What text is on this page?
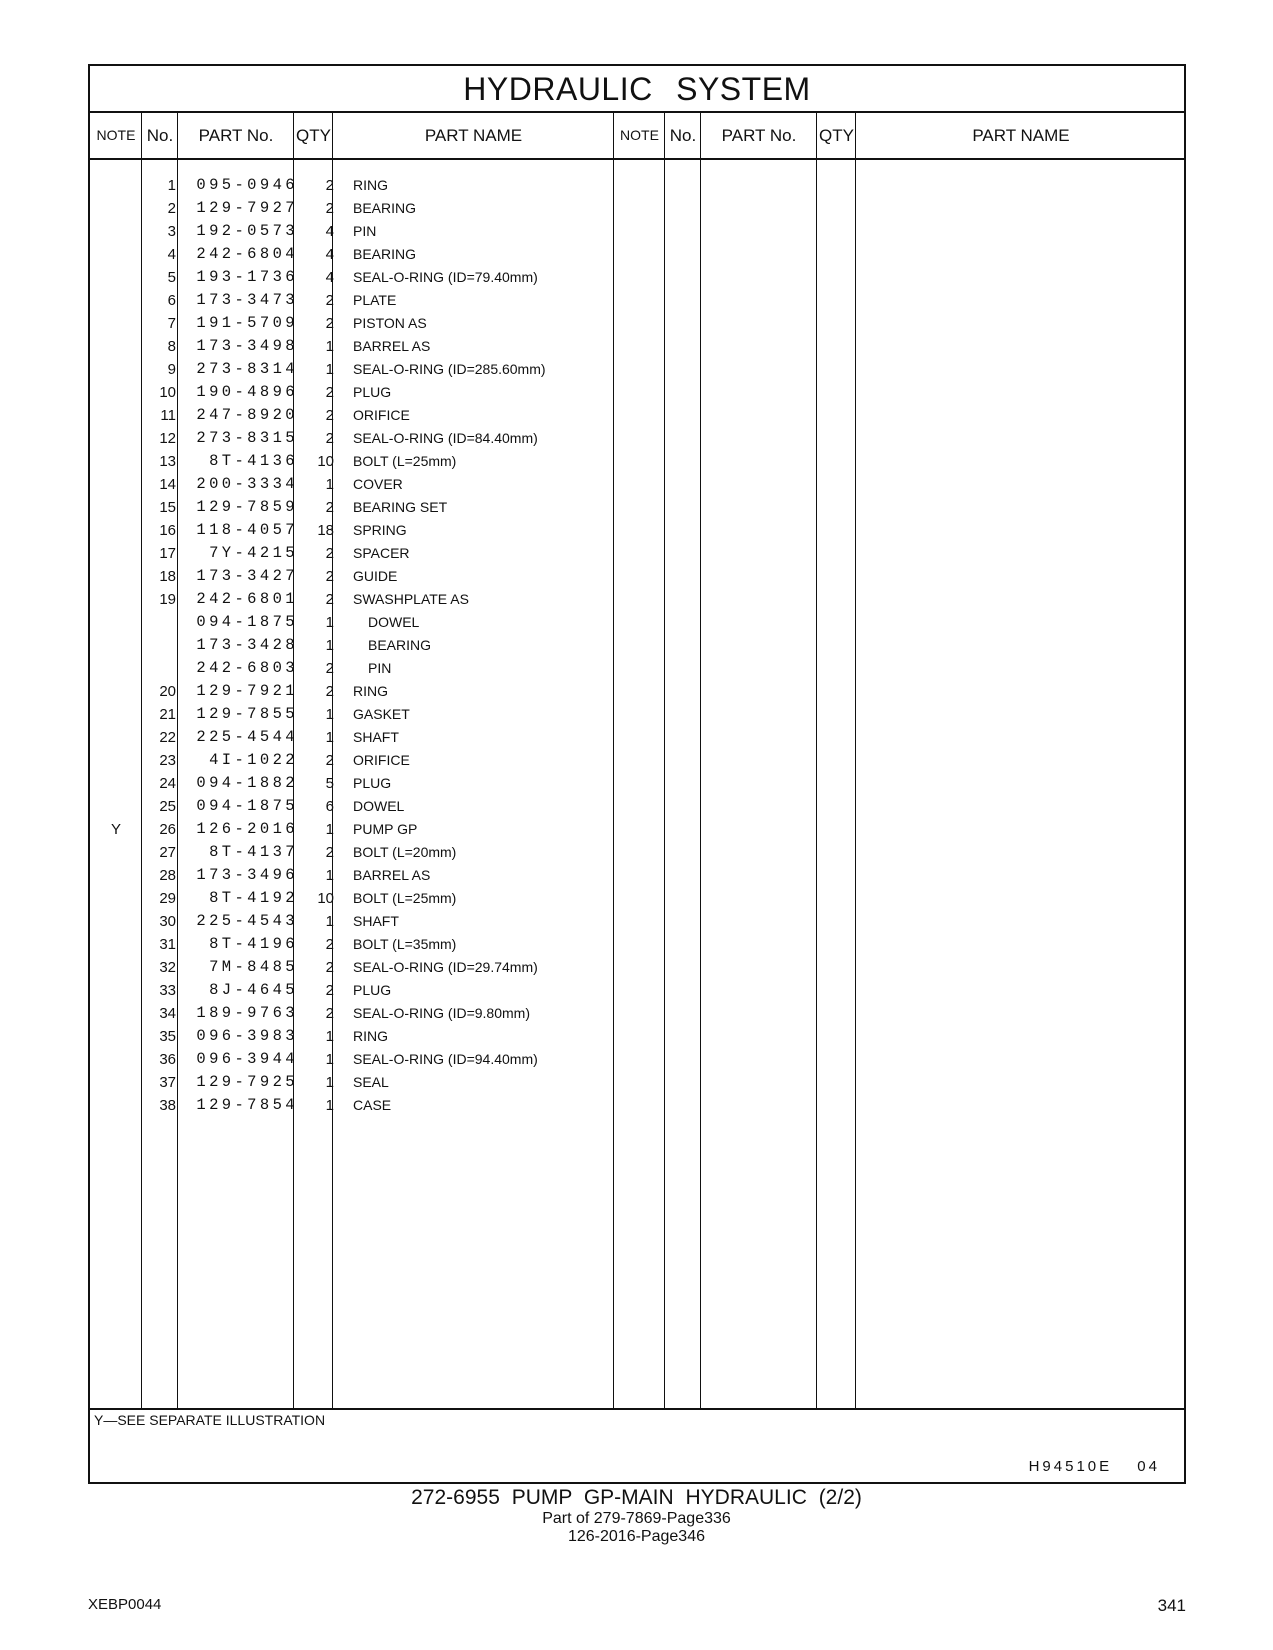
HYDRAULIC SYSTEM
NOTE No.	PART No.	QTY	PART NAME	NOTE No.	PART No.	QTY	PART NAME
1	095-0946	2 RING
2	129-7927	2 BEARING
3	192-0573	4 PIN
4	242-6804	4 BEARING
5	193-1736	4 SEAL-O-RING (ID=79.40mm)
6	173-3473	2 PLATE
7	191-5709	2 PISTON AS
8	173-3498	1 BARREL AS
9	273-8314	1 SEAL-O-RING (ID=285.60mm)
10	190-4896	2 PLUG
11	247-8920	2 ORIFICE
12	273-8315	2 SEAL-O-RING (ID=84.40mm)
13	8T-4136	10 BOLT (L=25mm)
14	200-3334	1 COVER
15	129-7859	2 BEARING SET
16	118-4057	18 SPRING
17	7Y-4215	2 SPACER
18	173-3427	2 GUIDE
19	242-6801	2 SWASHPLATE AS
094-1875	1 DOWEL
173-3428	1 BEARING
242-6803	2 PIN
20	129-7921	2 RING
21	129-7855	1 GASKET
22	225-4544	1 SHAFT
23	4I-1022	2 ORIFICE
24	094-1882	5 PLUG
25	094-1875	6 DOWEL
Y	26	126-2016	1 PUMP GP
27	8T-4137	2 BOLT (L=20mm)
28	173-3496	1 BARREL AS
29	8T-4192	10 BOLT (L=25mm)
30	225-4543	1 SHAFT
31	8T-4196	2 BOLT (L=35mm)
32	7M-8485	2 SEAL-O-RING (ID=29.74mm)
33	8J-4645	2 PLUG
34	189-9763	2 SEAL-O-RING (ID=9.80mm)
35	096-3983	1 RING
36	096-3944	1 SEAL-O-RING (ID=94.40mm)
37	129-7925	1 SEAL
38	129-7854	1 CASE
Y—SEE SEPARATE ILLUSTRATION
H94510E 04
272-6955 PUMP GP-MAIN HYDRAULIC (2/2)
Part of 279-7869-Page336
126-2016-Page346
XEBP0044	341
